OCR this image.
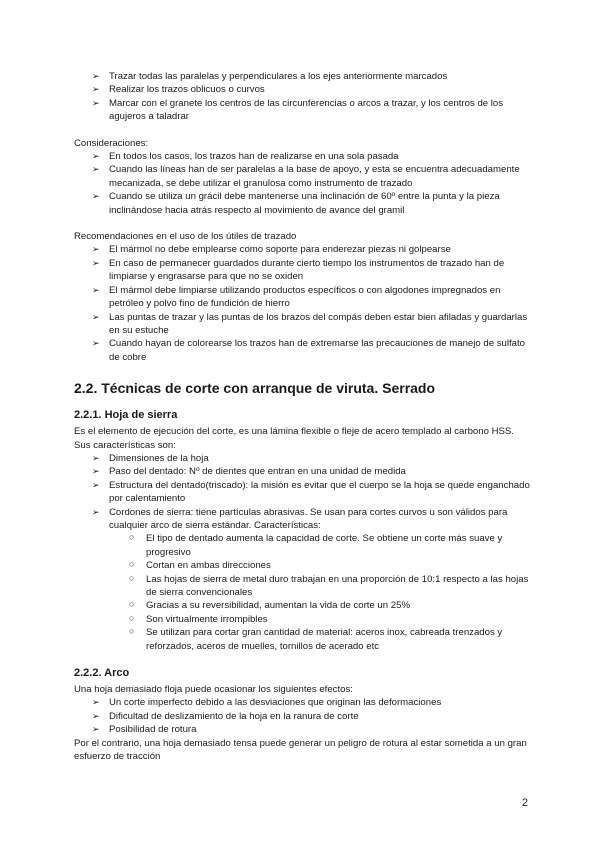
➢ Trazar todas las paralelas y perpendiculares a los ejes anteriormente marcados
➢ Realizar los trazos oblicuos o curvos
➢ Marcar con el granete los centros de las circunferencias o arcos a trazar, y los centros de los agujeros a taladrar

Consideraciones:

➢ En todos los casos, los trazos han de realizarse en una sola pasada
➢ Cuando las líneas han de ser paralelas a la base de apoyo, y esta se encuentra adecuadamente mecanizada, se debe utilizar el granulosa como instrumento de trazado
➢ Cuando se utiliza un grácil debe mantenerse una inclinación de 60º entre la punta y la pieza inclinándose hacia atrás respecto al movimiento de avance del gramil

Recomendaciones en el uso de los útiles de trazado

➢ El mármol no debe emplearse como soporte para enderezar piezas ni golpearse
➢ En caso de permanecer guardados durante cierto tiempo los instrumentos de trazado han de limpiarse y engrasarse para que no se oxiden
➢ El mármol debe limpiarse utilizando productos específicos o con algodones impregnados en petróleo y polvo fino de fundición de hierro
➢ Las puntas de trazar y las puntas de los brazos del compás deben estar bien afiladas y guardarlas en su estuche
➢ Cuando hayan de colorearse los trazos han de extremarse las precauciones de manejo de sulfato de cobre
2.2. Técnicas de corte con arranque de viruta. Serrado
2.2.1. Hoja de sierra

Es el elemento de ejecución del corte, es una lámina flexible o fleje de acero templado al carbono HSS. Sus características son:

➢ Dimensiones de la hoja
➢ Paso del dentado: Nº de dientes que entran en una unidad de medida
➢ Estructura del dentado(triscado): la misión es evitar que el cuerpo se la hoja se quede enganchado por calentamiento
➢ Cordones de sierra: tiene partículas abrasivas. Se usan para cortes curvos u son válidos para cualquier arco de sierra estándar. Características:
○ El tipo de dentado aumenta la capacidad de corte. Se obtiene un corte más suave y progresivo
○ Cortan en ambas direcciones
○ Las hojas de sierra de metal duro trabajan en una proporción de 10:1 respecto a las hojas de sierra convencionales
○ Gracias a su reversibilidad, aumentan la vida de corte un 25%
○ Son virtualmente irrompibles
○ Se utilizan para cortar gran cantidad de material: aceros inox, cabreada trenzados y reforzados, aceros de muelles, tornillos de acerado etc
2.2.2. Arco

Una hoja demasiado floja puede ocasionar los siguientes efectos:

➢ Un corte imperfecto debido a las desviaciones que originan las deformaciones
➢ Dificultad de deslizamiento de la hoja en la ranura de corte
➢ Posibilidad de rotura

Por el contrario, una hoja demasiado tensa puede generar un peligro de rotura al estar sometida a un gran esfuerzo de tracción

2
